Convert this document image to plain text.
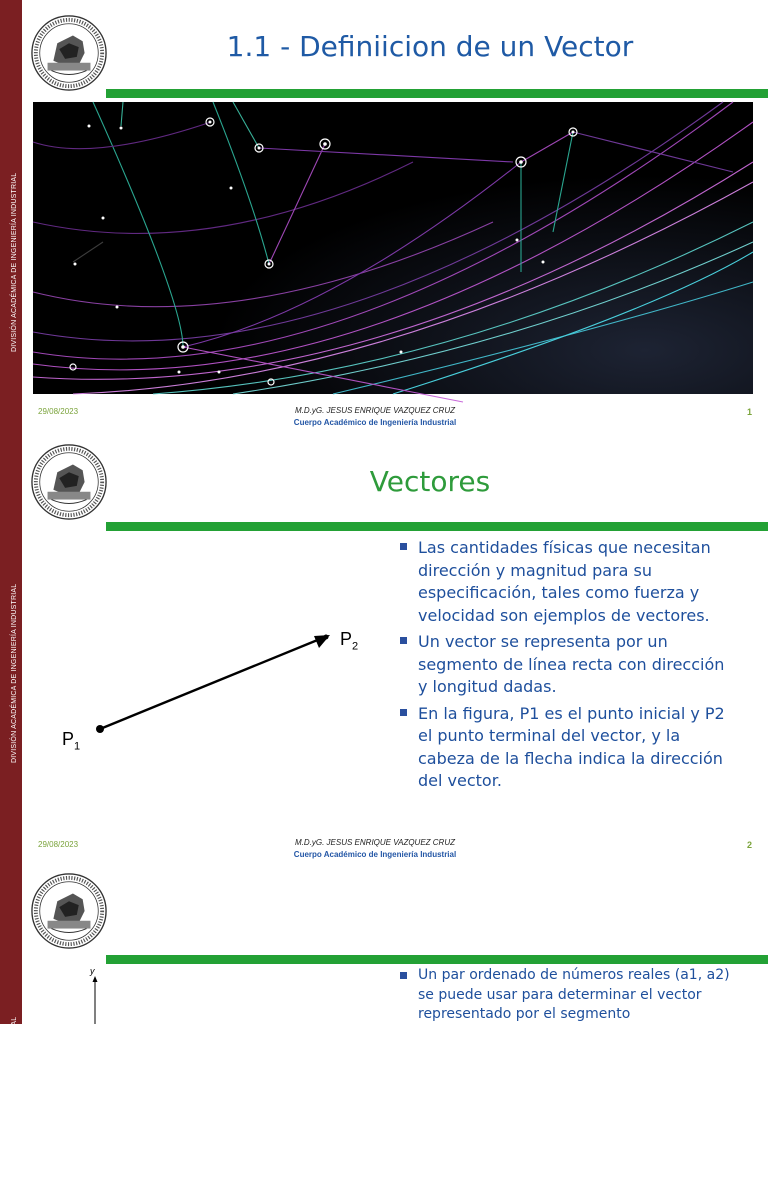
DIVISIÓN ACADÉMICA DE INGENIERÍA INDUSTRIAL
1.1 - Definiicion de un Vector
29/08/2023	M.D.yG. JESUS ENRIQUE VAZQUEZ CRUZ
Cuerpo Académico de Ingeniería Industrial
1
DIVISIÓN ACADÉMICA DE INGENIERÍA INDUSTRIAL
Vectores
$P_1$
$P_2$
Las cantidades físicas que necesitan dirección y magnitud para su especificación, tales como fuerza y velocidad son ejemplos de vectores.
Un vector se representa por un segmento de línea recta con dirección y longitud dadas.
En la figura, P1 es el punto inicial y P2 el punto terminal del vector, y la cabeza de la flecha indica la dirección del vector.
29/08/2023	M.D.yG. JESUS ENRIQUE VAZQUEZ CRUZ
Cuerpo Académico de Ingeniería Industrial
2
DIVISIÓN ACADÉMICA DE INGENIERÍA INDUSTRIAL
y	Un par ordenado de números reales (a1, a2) se puede usar para determinar el vector representado por el segmento
